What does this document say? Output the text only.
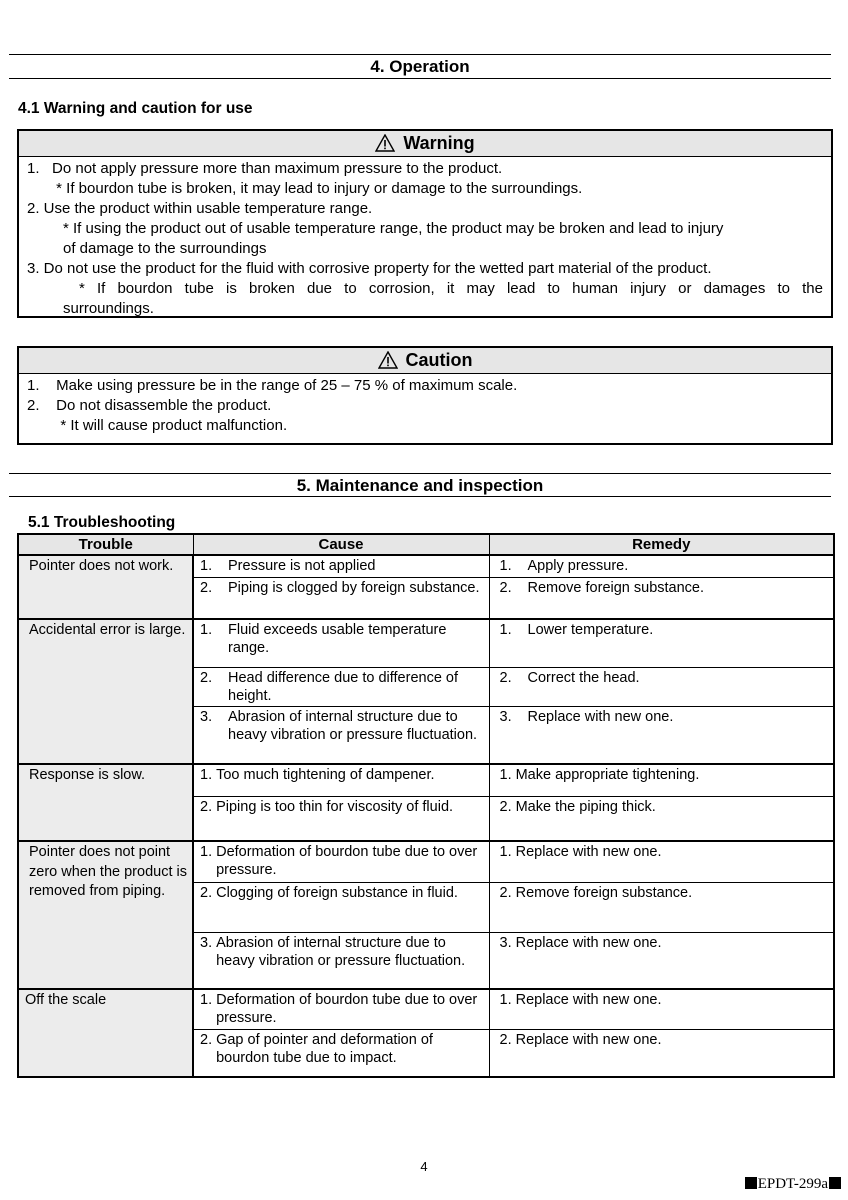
4. Operation
4.1 Warning and caution for use
Warning
1.   Do not apply pressure more than maximum pressure to the product.
* If bourdon tube is broken, it may lead to injury or damage to the surroundings.
2. Use the product within usable temperature range.
* If using the product out of usable temperature range, the product may be broken and lead to injury
of damage to the surroundings
3. Do not use the product for the fluid with corrosive property for the wetted part material of the product.
* If bourdon tube is broken due to corrosion, it may lead to human injury or damages to the
surroundings.
Caution
1.    Make using pressure be in the range of 25 – 75 % of maximum scale.
2.    Do not disassemble the product.
* It will cause product malfunction.
5. Maintenance and inspection
5.1 Troubleshooting
Trouble	Cause	Remedy
Pointer does not work.	1. Pressure is not applied	1. Apply pressure.

	2. Piping is clogged by foreign substance.	2. Remove foreign substance.

Accidental error is large.	1. Fluid exceeds usable temperature range.	1. Lower temperature.

	2. Head difference due to difference of height.	2. Correct the head.

	3. Abrasion of internal structure due to heavy vibration or pressure fluctuation.	3. Replace with new one.

Response is slow.	1. Too much tightening of dampener.	1. Make appropriate tightening.

	2. Piping is too thin for viscosity of fluid.	2. Make the piping thick.

Pointer does not point zero when the product is removed from piping.	1. Deformation of bourdon tube due to over pressure.	1. Replace with new one.

	2. Clogging of foreign substance in fluid.	2. Remove foreign substance.

	3. Abrasion of internal structure due to heavy vibration or pressure fluctuation.	3. Replace with new one.

Off the scale	1. Deformation of bourdon tube due to over pressure.	1. Replace with new one.

	2. Gap of pointer and deformation of bourdon tube due to impact.	2. Replace with new one.
4
EPDT-299a
